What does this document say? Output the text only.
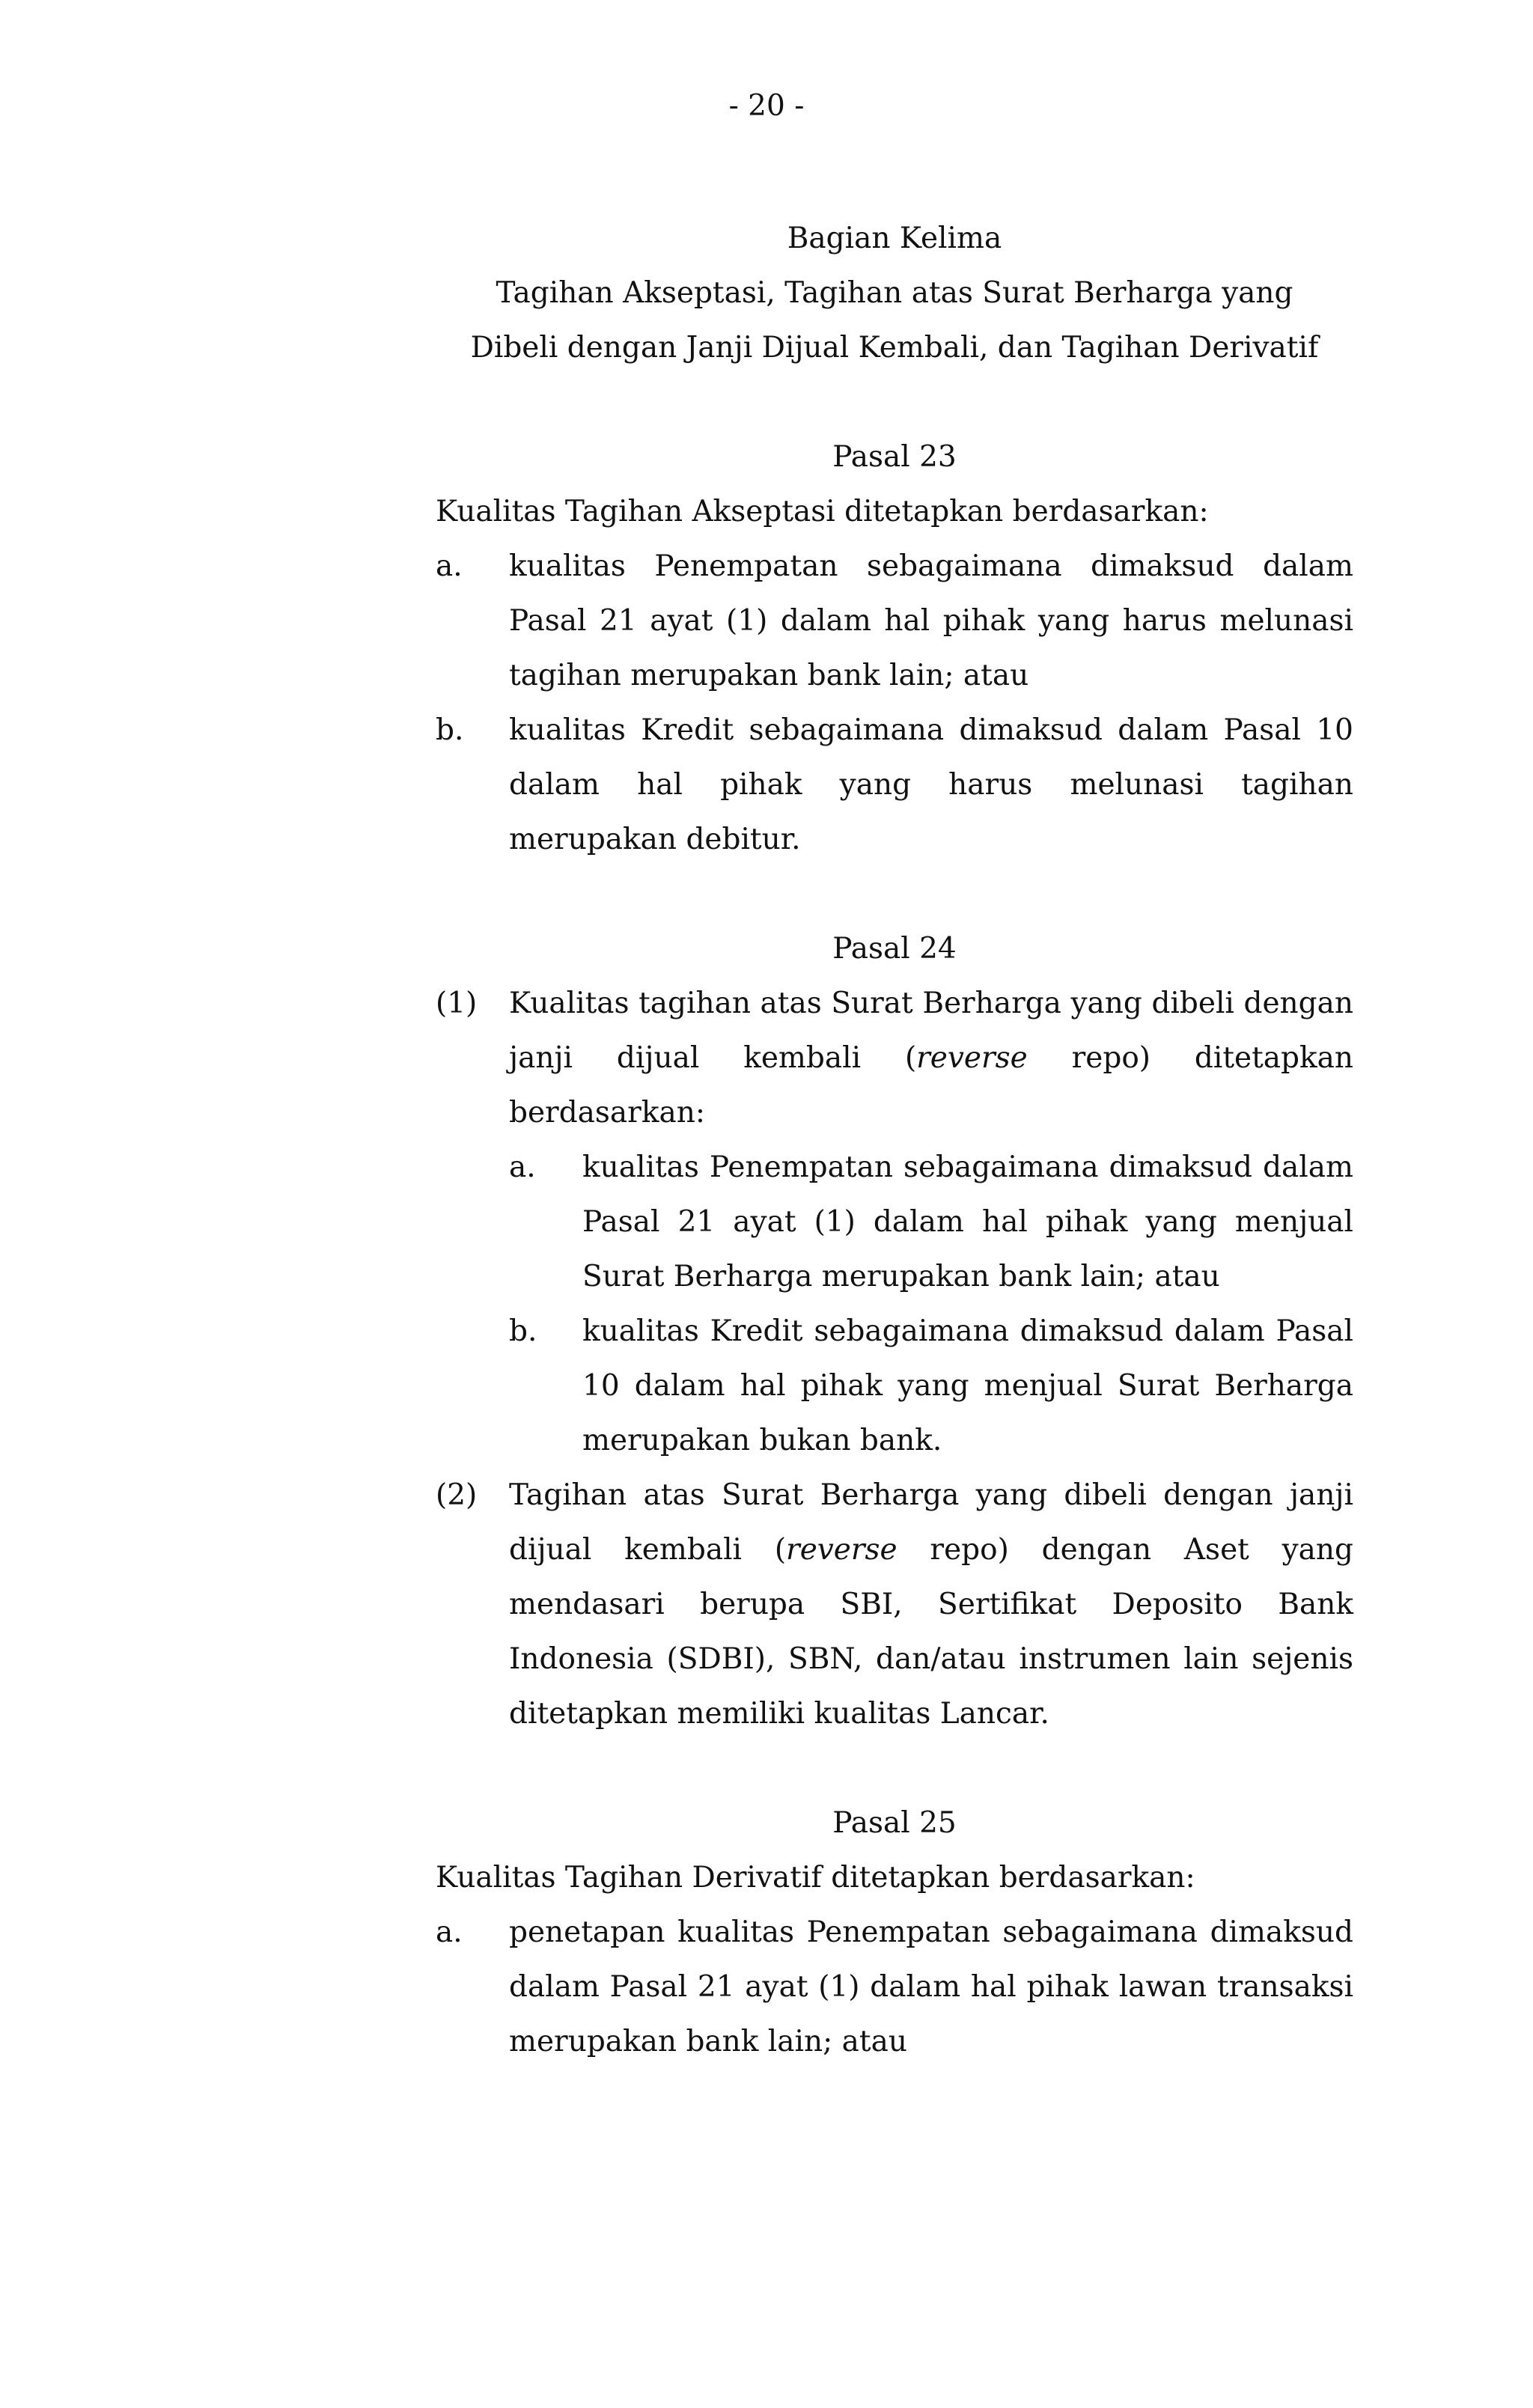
- 20 -

Bagian Kelima

Tagihan Akseptasi, Tagihan atas Surat Berharga yang

Dibeli dengan Janji Dijual Kembali, dan Tagihan Derivatif

Pasal 23

Kualitas Tagihan Akseptasi ditetapkan berdasarkan:

a.	kualitas Penempatan sebagaimana dimaksud dalam Pasal 21 ayat (1) dalam hal pihak yang harus melunasi tagihan merupakan bank lain; atau
b.	kualitas Kredit sebagaimana dimaksud dalam Pasal 10 dalam hal pihak yang harus melunasi tagihan merupakan debitur.

Pasal 24

(1)	Kualitas tagihan atas Surat Berharga yang dibeli dengan janji dijual kembali (reverse repo) ditetapkan berdasarkan:
a.	kualitas Penempatan sebagaimana dimaksud dalam Pasal 21 ayat (1) dalam hal pihak yang menjual Surat Berharga merupakan bank lain; atau
b.	kualitas Kredit sebagaimana dimaksud dalam Pasal 10 dalam hal pihak yang menjual Surat Berharga merupakan bukan bank.
(2)	Tagihan atas Surat Berharga yang dibeli dengan janji dijual kembali (reverse repo) dengan Aset yang mendasari berupa SBI, Sertifikat Deposito Bank Indonesia (SDBI), SBN, dan/atau instrumen lain sejenis ditetapkan memiliki kualitas Lancar.

Pasal 25

Kualitas Tagihan Derivatif ditetapkan berdasarkan:

a.	penetapan kualitas Penempatan sebagaimana dimaksud dalam Pasal 21 ayat (1) dalam hal pihak lawan transaksi merupakan bank lain; atau
